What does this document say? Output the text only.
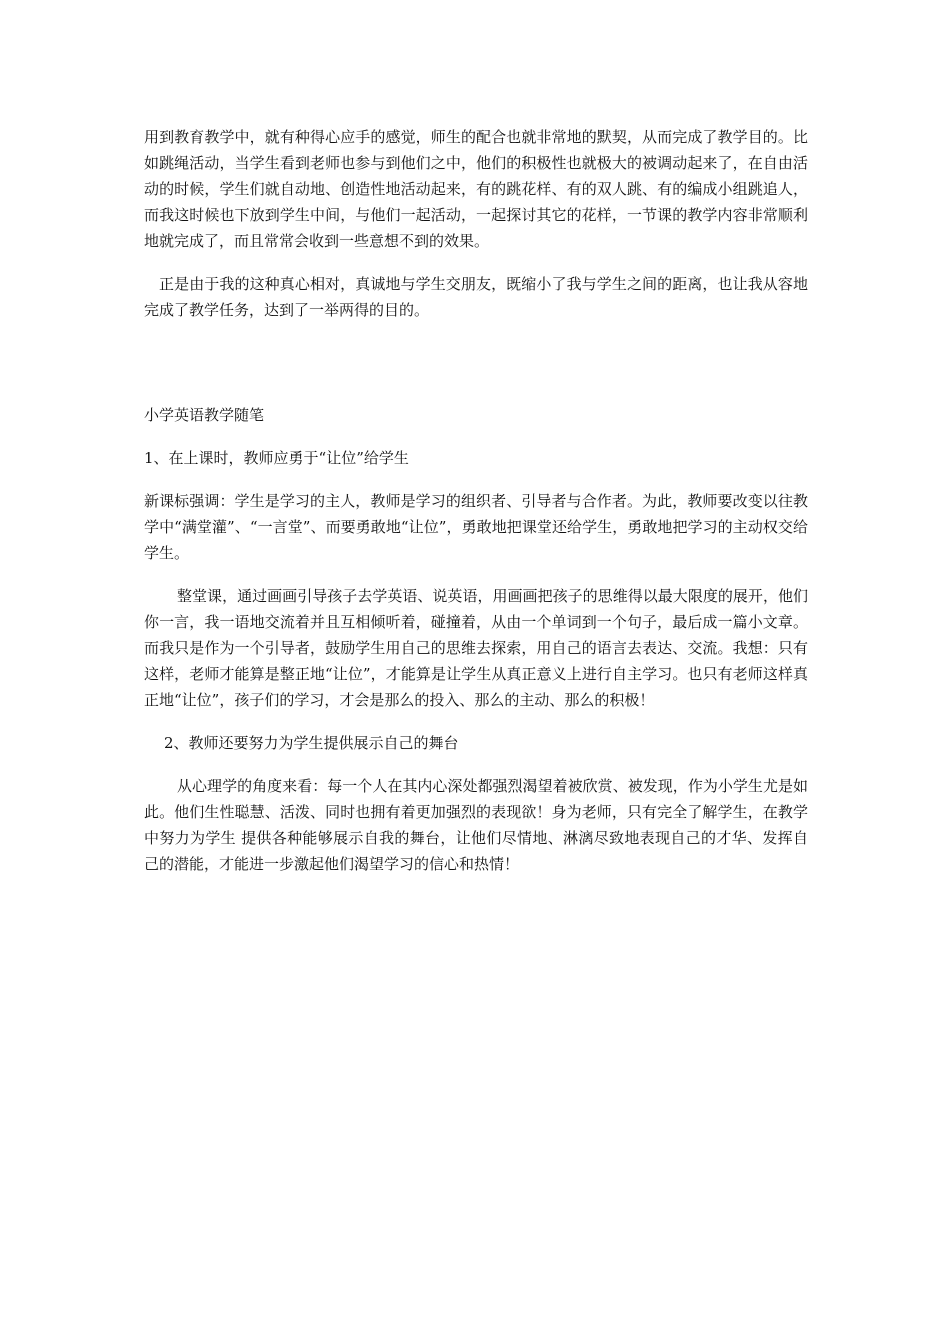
用到教育教学中，就有种得心应手的感觉，师生的配合也就非常地的默契，从而完成了教学目的。比如跳绳活动，当学生看到老师也参与到他们之中，他们的积极性也就极大的被调动起来了，在自由活动的时候，学生们就自动地、创造性地活动起来，有的跳花样、有的双人跳、有的编成小组跳追人，而我这时候也下放到学生中间，与他们一起活动，一起探讨其它的花样，一节课的教学内容非常顺利地就完成了，而且常常会收到一些意想不到的效果。

正是由于我的这种真心相对，真诚地与学生交朋友，既缩小了我与学生之间的距离，也让我从容地完成了教学任务，达到了一举两得的目的。

小学英语教学随笔

1、在上课时，教师应勇于“让位”给学生

新课标强调：学生是学习的主人，教师是学习的组织者、引导者与合作者。为此，教师要改变以往教学中“满堂灌”、“一言堂”、而要勇敢地“让位”，勇敢地把课堂还给学生，勇敢地把学习的主动权交给学生。

整堂课，通过画画引导孩子去学英语、说英语，用画画把孩子的思维得以最大限度的展开，他们你一言，我一语地交流着并且互相倾听着，碰撞着，从由一个单词到一个句子，最后成一篇小文章。而我只是作为一个引导者，鼓励学生用自己的思维去探索，用自己的语言去表达、交流。我想：只有这样，老师才能算是整正地“让位”，才能算是让学生从真正意义上进行自主学习。也只有老师这样真正地“让位”，孩子们的学习，才会是那么的投入、那么的主动、那么的积极！

2、教师还要努力为学生提供展示自己的舞台

从心理学的角度来看：每一个人在其内心深处都强烈渴望着被欣赏、被发现，作为小学生尤是如此。他们生性聪慧、活泼、同时也拥有着更加强烈的表现欲！身为老师，只有完全了解学生，在教学中努力为学生 提供各种能够展示自我的舞台，让他们尽情地、淋漓尽致地表现自己的才华、发挥自己的潜能，才能进一步激起他们渴望学习的信心和热情！
